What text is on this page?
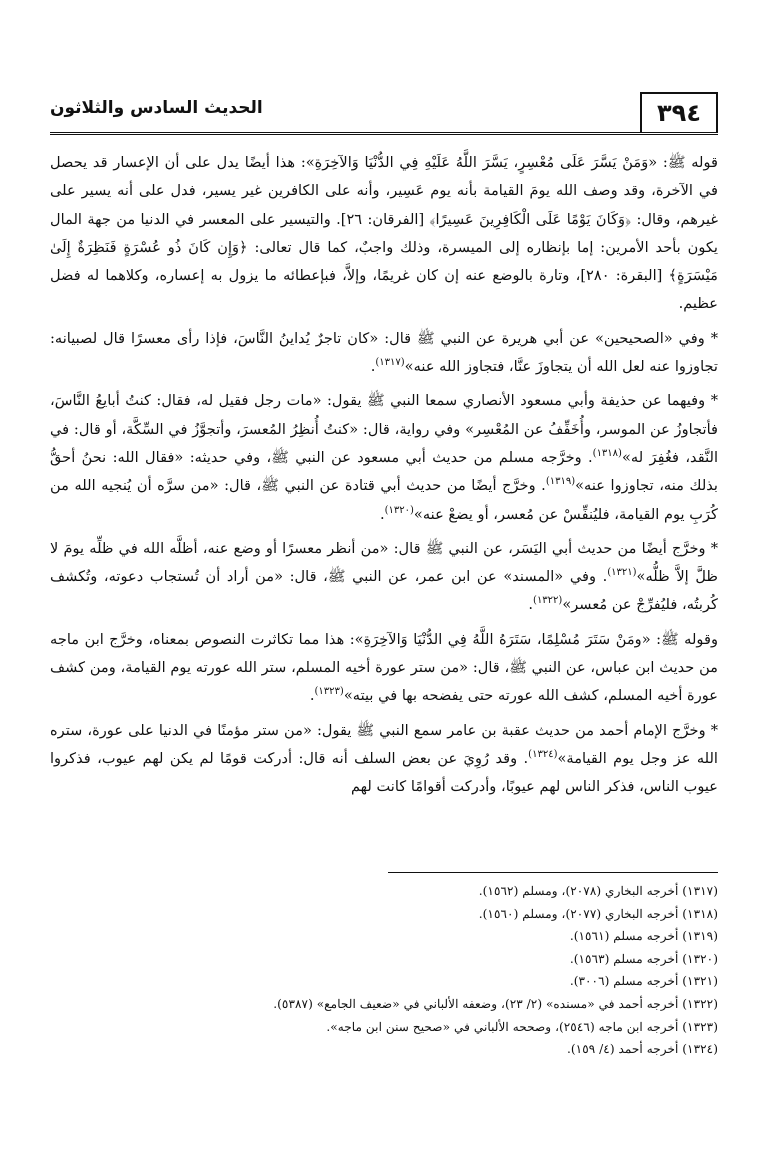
٣٩٤
الحديث السادس والثلاثون

قوله ﷺ: «وَمَنْ يَسَّرَ عَلَى مُعْسِرٍ، يَسَّرَ اللَّهُ عَلَيْهِ فِي الدُّنْيَا وَالآخِرَةِ»: هذا أيضًا يدل على أن الإعسار قد يحصل في الآخرة، وقد وصف الله يومَ القيامة بأنه يوم عَسِير، وأنه على الكافرين غير يسير، فدل على أنه يسير على غيرهم، وقال: ﴿وَكَانَ يَوْمًا عَلَى الْكَافِرِينَ عَسِيرًا﴾ [الفرقان: ٢٦]. والتيسير على المعسر في الدنيا من جهة المال يكون بأحد الأمرين: إما بإنظاره إلى الميسرة، وذلك واجبٌ، كما قال تعالى: ﴿وَإِن كَانَ ذُو عُسْرَةٍ فَنَظِرَةٌ إِلَىٰ مَيْسَرَةٍ﴾ [البقرة: ٢٨٠]، وتارة بالوضع عنه إن كان غريمًا، وإلاَّ، فبإعطائه ما يزول به إعساره، وكلاهما له فضل عظيم.

* وفي «الصحيحين» عن أبي هريرة عن النبي ﷺ قال: «كان تاجرٌ يُداينُ النَّاسَ، فإذا رأى معسرًا قال لصبيانه: تجاوزوا عنه لعل الله أن يتجاوزَ عنَّا، فتجاوز الله عنه»$^{(١٣١٧)}$.

* وفيهما عن حذيفة وأبي مسعود الأنصاري سمعا النبي ﷺ يقول: «مات رجل فقيل له، فقال: كنتُ أبايعُ النَّاسَ، فأتجاوزُ عن الموسر، وأُخَفِّفُ عن المُعْسِر» وفي رواية، قال: «كنتُ أُنظِرُ المُعسرَ، وأتجوَّزُ في السِّكَّة، أو قال: في النَّقد، فغُفِرَ له»$^{(١٣١٨)}$. وخرَّجه مسلم من حديث أبي مسعود عن النبي ﷺ، وفي حديثه: «فقال الله: نحنُ أحقُّ بذلك منه، تجاوزوا عنه»$^{(١٣١٩)}$. وخرَّج أيضًا من حديث أبي قتادة عن النبي ﷺ، قال: «من سرَّه أن يُنجيه الله من كُرَبِ يوم القيامة، فليُنفِّسْ عن مُعسر، أو يضعْ عنه»$^{(١٣٢٠)}$.

* وخرَّج أيضًا من حديث أبي اليَسَر، عن النبي ﷺ قال: «من أنظر معسرًا أو وضع عنه، أظلَّه الله في ظلِّه يومَ لا ظلَّ إلاَّ ظلُّه»$^{(١٣٢١)}$. وفي «المسند» عن ابن عمر، عن النبي ﷺ، قال: «من أراد أن تُستجاب دعوته، وتُكشف كُربتُه، فليُفرِّجْ عن مُعسر»$^{(١٣٢٢)}$.

وقوله ﷺ: «ومَنْ سَتَرَ مُسْلِمًا، سَتَرَهُ اللَّهُ فِي الدُّنْيَا وَالآخِرَةِ»: هذا مما تكاثرت النصوص بمعناه، وخرَّج ابن ماجه من حديث ابن عباس، عن النبي ﷺ، قال: «من ستر عورة أخيه المسلم، ستر الله عورته يوم القيامة، ومن كشف عورة أخيه المسلم، كشف الله عورته حتى يفضحه بها في بيته»$^{(١٣٢٣)}$.

* وخرَّج الإمام أحمد من حديث عقبة بن عامر سمع النبي ﷺ يقول: «من ستر مؤمنًا في الدنيا على عورة، ستره الله عز وجل يوم القيامة»$^{(١٣٢٤)}$. وقد رُوِيَ عن بعض السلف أنه قال: أدركت قومًا لم يكن لهم عيوب، فذكروا عيوب الناس، فذكر الناس لهم عيوبًا، وأدركت أقوامًا كانت لهم

(١٣١٧) أخرجه البخاري (٢٠٧٨)، ومسلم (١٥٦٢).
(١٣١٨) أخرجه البخاري (٢٠٧٧)، ومسلم (١٥٦٠).
(١٣١٩) أخرجه مسلم (١٥٦١).
(١٣٢٠) أخرجه مسلم (١٥٦٣).
(١٣٢١) أخرجه مسلم (٣٠٠٦).
(١٣٢٢) أخرجه أحمد في «مسنده» (٢/ ٢٣)، وضعفه الألباني في «ضعيف الجامع» (٥٣٨٧).
(١٣٢٣) أخرجه ابن ماجه (٢٥٤٦)، وصححه الألباني في «صحيح سنن ابن ماجه».
(١٣٢٤) أخرجه أحمد (٤/ ١٥٩).
